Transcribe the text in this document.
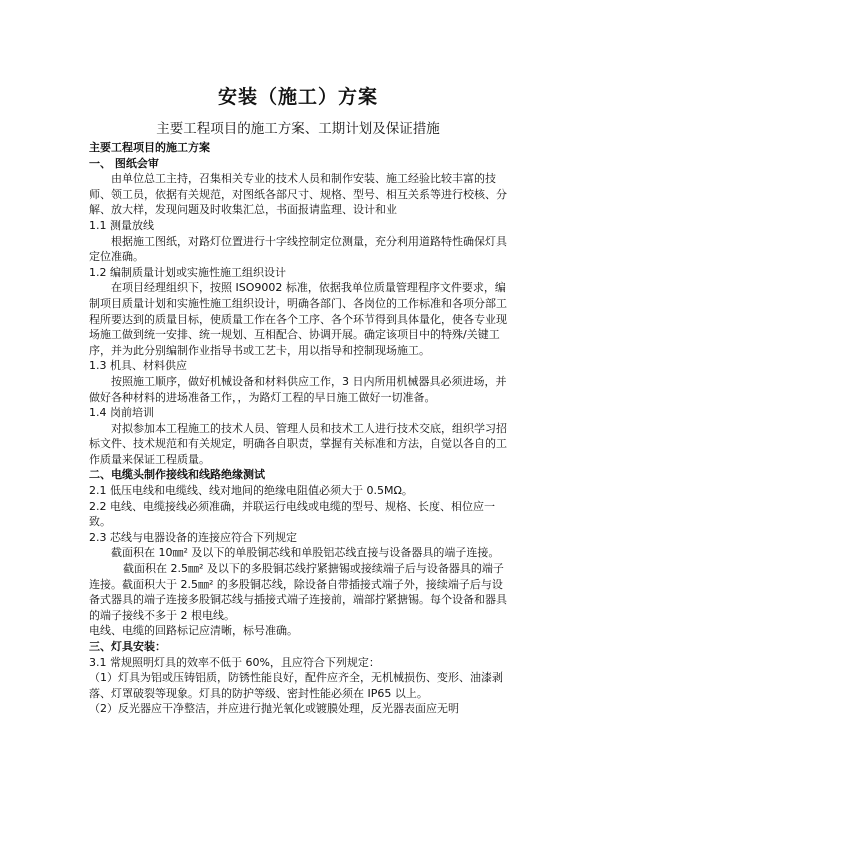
安装（施工）方案
主要工程项目的施工方案、工期计划及保证措施

主要工程项目的施工方案

一、 图纸会审

由单位总工主持，召集相关专业的技术人员和制作安装、施工经验比较丰富的技师、领工员，依据有关规范，对图纸各部尺寸、规格、型号、相互关系等进行校核、分解、放大样，发现问题及时收集汇总，书面报请监理、设计和业

1.1 测量放线

根据施工图纸，对路灯位置进行十字线控制定位测量，充分利用道路特性确保灯具定位准确。

1.2 编制质量计划或实施性施工组织设计

在项目经理组织下，按照 ISO9002 标准，依据我单位质量管理程序文件要求，编制项目质量计划和实施性施工组织设计，明确各部门、各岗位的工作标准和各项分部工程所要达到的质量目标，使质量工作在各个工序、各个环节得到具体量化，使各专业现场施工做到统一安排、统一规划、互相配合、协调开展。确定该项目中的特殊/关键工序，并为此分别编制作业指导书或工艺卡，用以指导和控制现场施工。

1.3 机具、材料供应

按照施工顺序，做好机械设备和材料供应工作，3 日内所用机械器具必须进场，并做好各种材料的进场准备工作，，为路灯工程的早日施工做好一切准备。

1.4 岗前培训

对拟参加本工程施工的技术人员、管理人员和技术工人进行技术交底，组织学习招标文件、技术规范和有关规定，明确各自职责，掌握有关标准和方法，自觉以各自的工作质量来保证工程质量。

二、电缆头制作接线和线路绝缘测试

2.1 低压电线和电缆线、线对地间的绝缘电阻值必须大于 0.5MΩ。

2.2 电线、电缆接线必须准确，并联运行电线或电缆的型号、规格、长度、相位应一致。

2.3 芯线与电器设备的连接应符合下列规定

截面积在 10㎜² 及以下的单股铜芯线和单股铝芯线直接与设备器具的端子连接。

截面积在 2.5㎜² 及以下的多股铜芯线拧紧搪锡或接续端子后与设备器具的端子连接。截面积大于 2.5㎜² 的多股铜芯线，除设备自带插接式端子外，接续端子后与设备式器具的端子连接多股铜芯线与插接式端子连接前，端部拧紧搪锡。每个设备和器具的端子接线不多于 2 根电线。

电线、电缆的回路标记应清晰，标号准确。

三、灯具安装：

3.1 常规照明灯具的效率不低于 60%，且应符合下列规定：

（1）灯具为铝或压铸铝质，防锈性能良好，配件应齐全，无机械损伤、变形、油漆剥落、灯罩破裂等现象。灯具的防护等级、密封性能必须在 IP65 以上。

（2）反光器应干净整洁，并应进行抛光氧化或镀膜处理，反光器表面应无明
